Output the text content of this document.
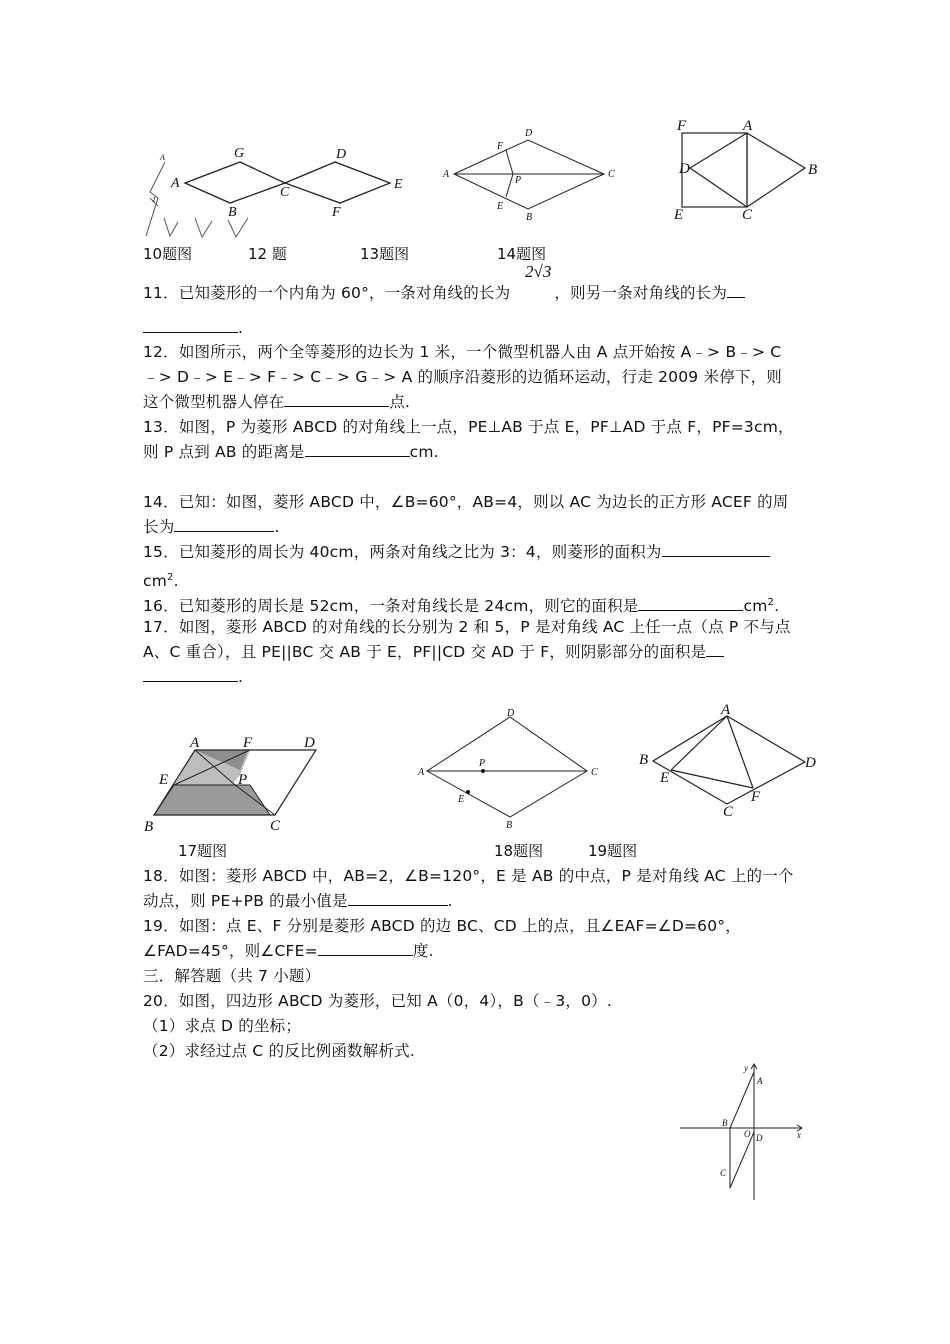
A
1
A
G
B
C
D
F
E
A
D
F
P
E
B
C
F	A
D	B
E	C
10题图	12 题	13题图	14题图
2√3
11．已知菱形的一个内角为 60°，一条对角线的长为	，则另一条对角线的长为
.
12．如图所示，两个全等菱形的边长为 1 米，一个微型机器人由 A 点开始按 A﹣> B﹣> C
﹣> D﹣> E﹣> F﹣> C﹣> G﹣> A 的顺序沿菱形的边循环运动，行走 2009 米停下，则
这个微型机器人停在	点.
13．如图，P 为菱形 ABCD 的对角线上一点，PE⊥AB 于点 E，PF⊥AD 于点 F，PF=3cm，
则 P 点到 AB 的距离是	cm.
14．已知：如图，菱形 ABCD 中，∠B=60°，AB=4，则以 AC 为边长的正方形 ACEF 的周
长为	.
15．已知菱形的周长为 40cm，两条对角线之比为 3：4，则菱形的面积为
$cm^2$.
16．已知菱形的周长是 52cm，一条对角线长是 24cm，则它的面积是	$cm^2$.
17．如图，菱形 ABCD 的对角线的长分别为 2 和 5，P 是对角线 AC 上任一点（点 P 不与点
A、C 重合），且 PE||BC 交 AB 于 E，PF||CD 交 AD 于 F，则阴影部分的面积是
.
A	F	D
E	P
B	C
D
A
P
C
E
B
A
B
E
D
F
C
17题图	18题图	19题图
18．如图：菱形 ABCD 中，AB=2，∠B=120°，E 是 AB 的中点，P 是对角线 AC 上的一个
动点，则 PE+PB 的最小值是	.
19．如图：点 E、F 分别是菱形 ABCD 的边 BC、CD 上的点，且∠EAF=∠D=60°，
∠FAD=45°，则∠CFE=	度.
三．解答题（共 7 小题）
20．如图，四边形 ABCD 为菱形，已知 A（0，4），B（﹣3，0）.
（1）求点 D 的坐标；
（2）求经过点 C 的反比例函数解析式.
y
A
B
O D	x
C
